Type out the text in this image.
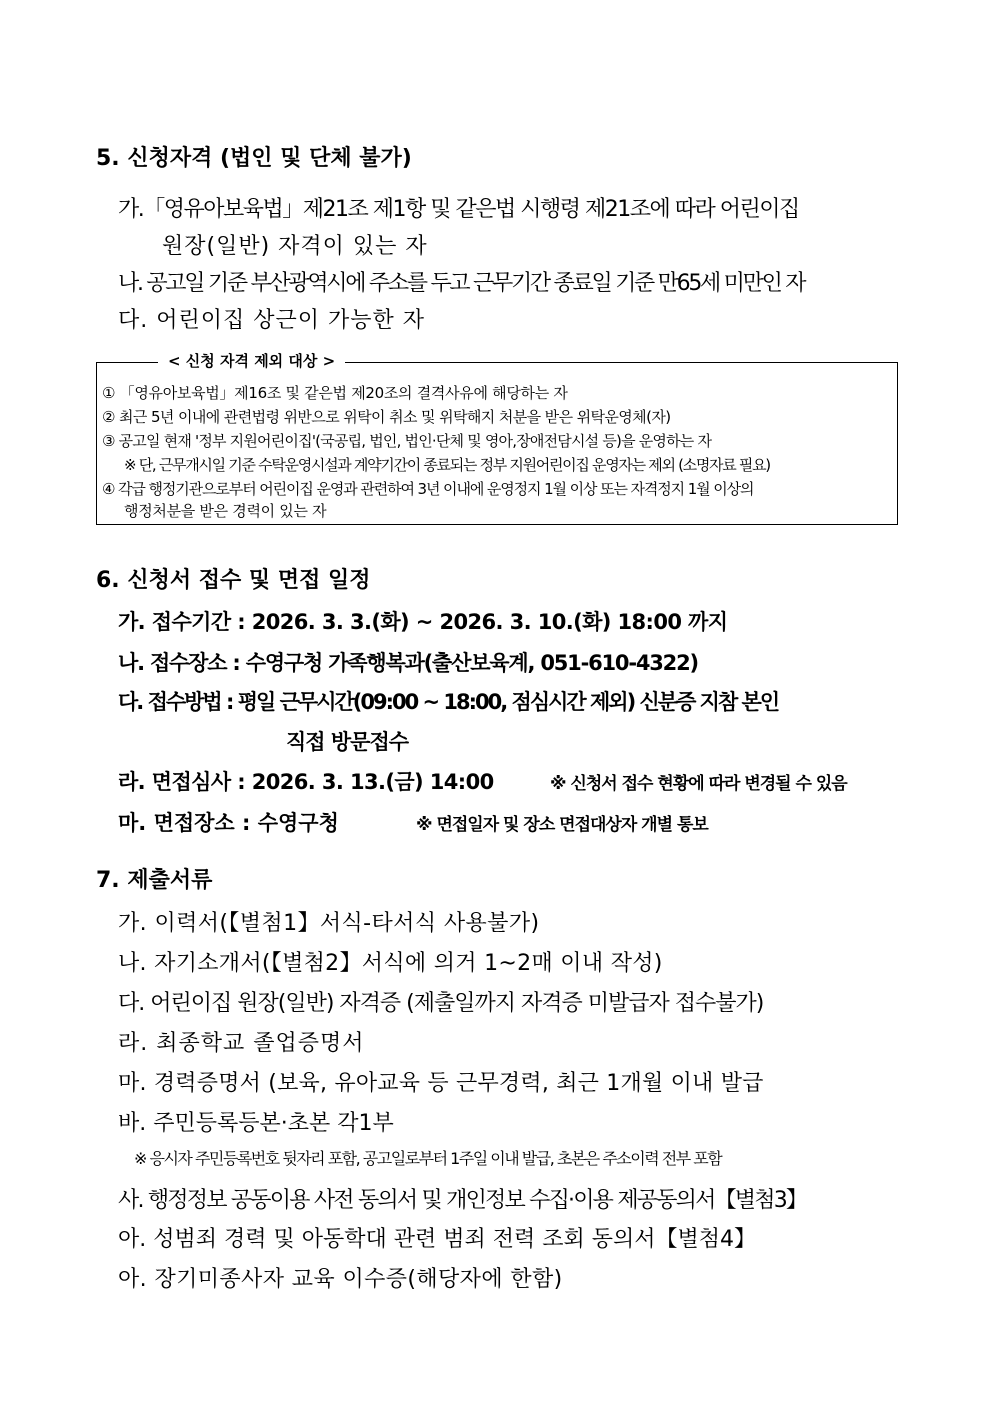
5. 신청자격 (법인 및 단체 불가)
가.「영유아보육법」제21조 제1항 및 같은법 시행령 제21조에 따라 어린이집
원장(일반) 자격이 있는 자
나. 공고일 기준 부산광역시에 주소를 두고 근무기간 종료일 기준 만65세 미만인 자
다. 어린이집 상근이 가능한 자
< 신청 자격 제외 대상 >
① 「영유아보육법」제16조 및 같은법 제20조의 결격사유에 해당하는 자
② 최근 5년 이내에 관련법령 위반으로 위탁이 취소 및 위탁해지 처분을 받은 위탁운영체(자)
③ 공고일 현재 '정부 지원어린이집'(국공립, 법인, 법인·단체 및 영아,장애전담시설 등)을 운영하는 자
※ 단, 근무개시일 기준 수탁운영시설과 계약기간이 종료되는 정부 지원어린이집 운영자는 제외 (소명자료 필요)
④ 각급 행정기관으로부터 어린이집 운영과 관련하여 3년 이내에 운영정지 1월 이상 또는 자격정지 1월 이상의
행정처분을 받은 경력이 있는 자
6. 신청서 접수 및 면접 일정
가. 접수기간 : 2026. 3. 3.(화) ~ 2026. 3. 10.(화) 18:00 까지
나. 접수장소 : 수영구청 가족행복과(출산보육계, 051-610-4322)
다. 접수방법 : 평일 근무시간(09:00 ~ 18:00, 점심시간 제외) 신분증 지참 본인
직접 방문접수
라. 면접심사 : 2026. 3. 13.(금) 14:00	※ 신청서 접수 현황에 따라 변경될 수 있음
마. 면접장소 : 수영구청	※ 면접일자 및 장소 면접대상자 개별 통보
7. 제출서류
가. 이력서(【별첨1】서식-타서식 사용불가)
나. 자기소개서(【별첨2】서식에 의거 1~2매 이내 작성)
다. 어린이집 원장(일반) 자격증 (제출일까지 자격증 미발급자 접수불가)
라. 최종학교 졸업증명서
마. 경력증명서 (보육, 유아교육 등 근무경력, 최근 1개월 이내 발급
바. 주민등록등본·초본 각1부
※ 응시자 주민등록번호 뒷자리 포함, 공고일로부터 1주일 이내 발급, 초본은 주소이력 전부 포함
사. 행정정보 공동이용 사전 동의서 및 개인정보 수집·이용 제공동의서【별첨3】
아. 성범죄 경력 및 아동학대 관련 범죄 전력 조회 동의서【별첨4】
아. 장기미종사자 교육 이수증(해당자에 한함)
